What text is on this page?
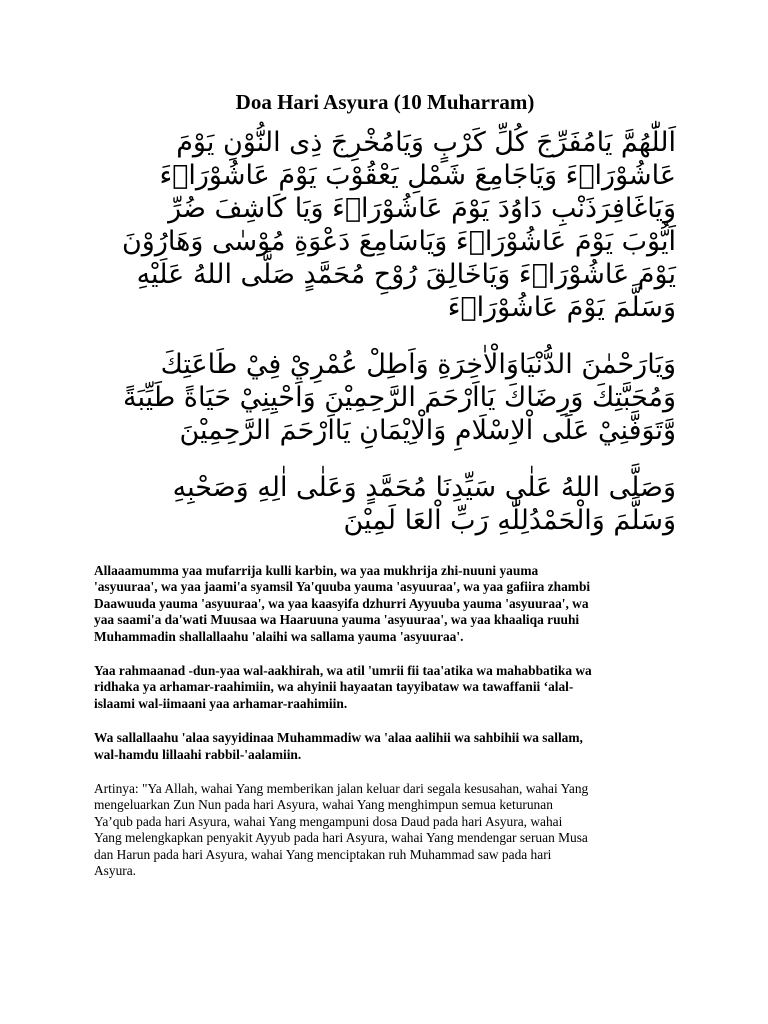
Doa Hari Asyura (10 Muharram)

اَللّٰهُمَّ يَامُفَرِّجَ كُلِّ كَرْبٍ وَيَامُخْرِجَ ذِى النُّوْنِ يَوْمَ

عَاشُوْرَاۤءَ وَيَاجَامِعَ شَمْلِ يَعْقُوْبَ يَوْمَ عَاشُوْرَاۤءَ

وَيَاغَافِرَذَنْبِ دَاوُدَ يَوْمَ عَاشُوْرَاۤءَ وَيَا كَاشِفَ ضُرِّ

اَيُّوْبَ يَوْمَ عَاشُوْرَاۤءَ وَيَاسَامِعَ دَعْوَةِ مُوْسٰى وَهَارُوْنَ

يَوْمَ عَاشُوْرَاۤءَ وَيَاخَالِقَ رُوْحِ مُحَمَّدٍ صَلَّى اللهُ عَلَيْهِ

وَسَلَّمَ يَوْمَ عَاشُوْرَاۤءَ

وَيَارَحْمٰنَ الدُّنْيَاوَالْاٰخِرَةِ وَاَطِلْ عُمْرِيْ فِيْ طَاعَتِكَ

وَمُحَبَّتِكَ وَرِضَاكَ يَااَرْحَمَ الرَّحِمِيْنَ وَاَحْيِنِيْ حَيَاةً طَيِّبَةً

وَّتَوَفَّنِيْ عَلَى اْلاِسْلَامِ وَالْاِيْمَانِ يَااَرْحَمَ الرَّحِمِيْنَ

وَصَلَّى اللهُ عَلٰى سَيِّدِنَا مُحَمَّدٍ وَعَلٰى اٰلِهِ وَصَحْبِهِ

وَسَلَّمَ وَالْحَمْدُلِلّٰهِ رَبِّ اْلعَا لَمِيْنَ

Allaaamumma yaa mufarrija kulli karbin, wa yaa mukhrija zhi-nuuni yauma
'asyuuraa', wa yaa jaami'a syamsil Ya'quuba yauma 'asyuuraa', wa yaa gafiira zhambi
Daawuuda yauma 'asyuuraa', wa yaa kaasyifa dzhurri Ayyuuba yauma 'asyuuraa', wa
yaa saami'a da'wati Muusaa wa Haaruuna yauma 'asyuuraa', wa yaa khaaliqa ruuhi
Muhammadin shallallaahu 'alaihi wa sallama yauma 'asyuuraa'.
Yaa rahmaanad -dun-yaa wal-aakhirah, wa atil 'umrii fii taa'atika wa mahabbatika wa
ridhaka ya arhamar-raahimiin, wa ahyinii hayaatan tayyibataw wa tawaffanii ‘alal-
islaami wal-iimaani yaa arhamar-raahimiin.
Wa sallallaahu 'alaa sayyidinaa Muhammadiw wa 'alaa aalihii wa sahbihii wa sallam,
wal-hamdu lillaahi rabbil-'aalamiin.
Artinya: "Ya Allah, wahai Yang memberikan jalan keluar dari segala kesusahan, wahai Yang
mengeluarkan Zun Nun pada hari Asyura, wahai Yang menghimpun semua keturunan
Ya’qub pada hari Asyura, wahai Yang mengampuni dosa Daud pada hari Asyura, wahai
Yang melengkapkan penyakit Ayyub pada hari Asyura, wahai Yang mendengar seruan Musa
dan Harun pada hari Asyura, wahai Yang menciptakan ruh Muhammad saw pada hari
Asyura.
